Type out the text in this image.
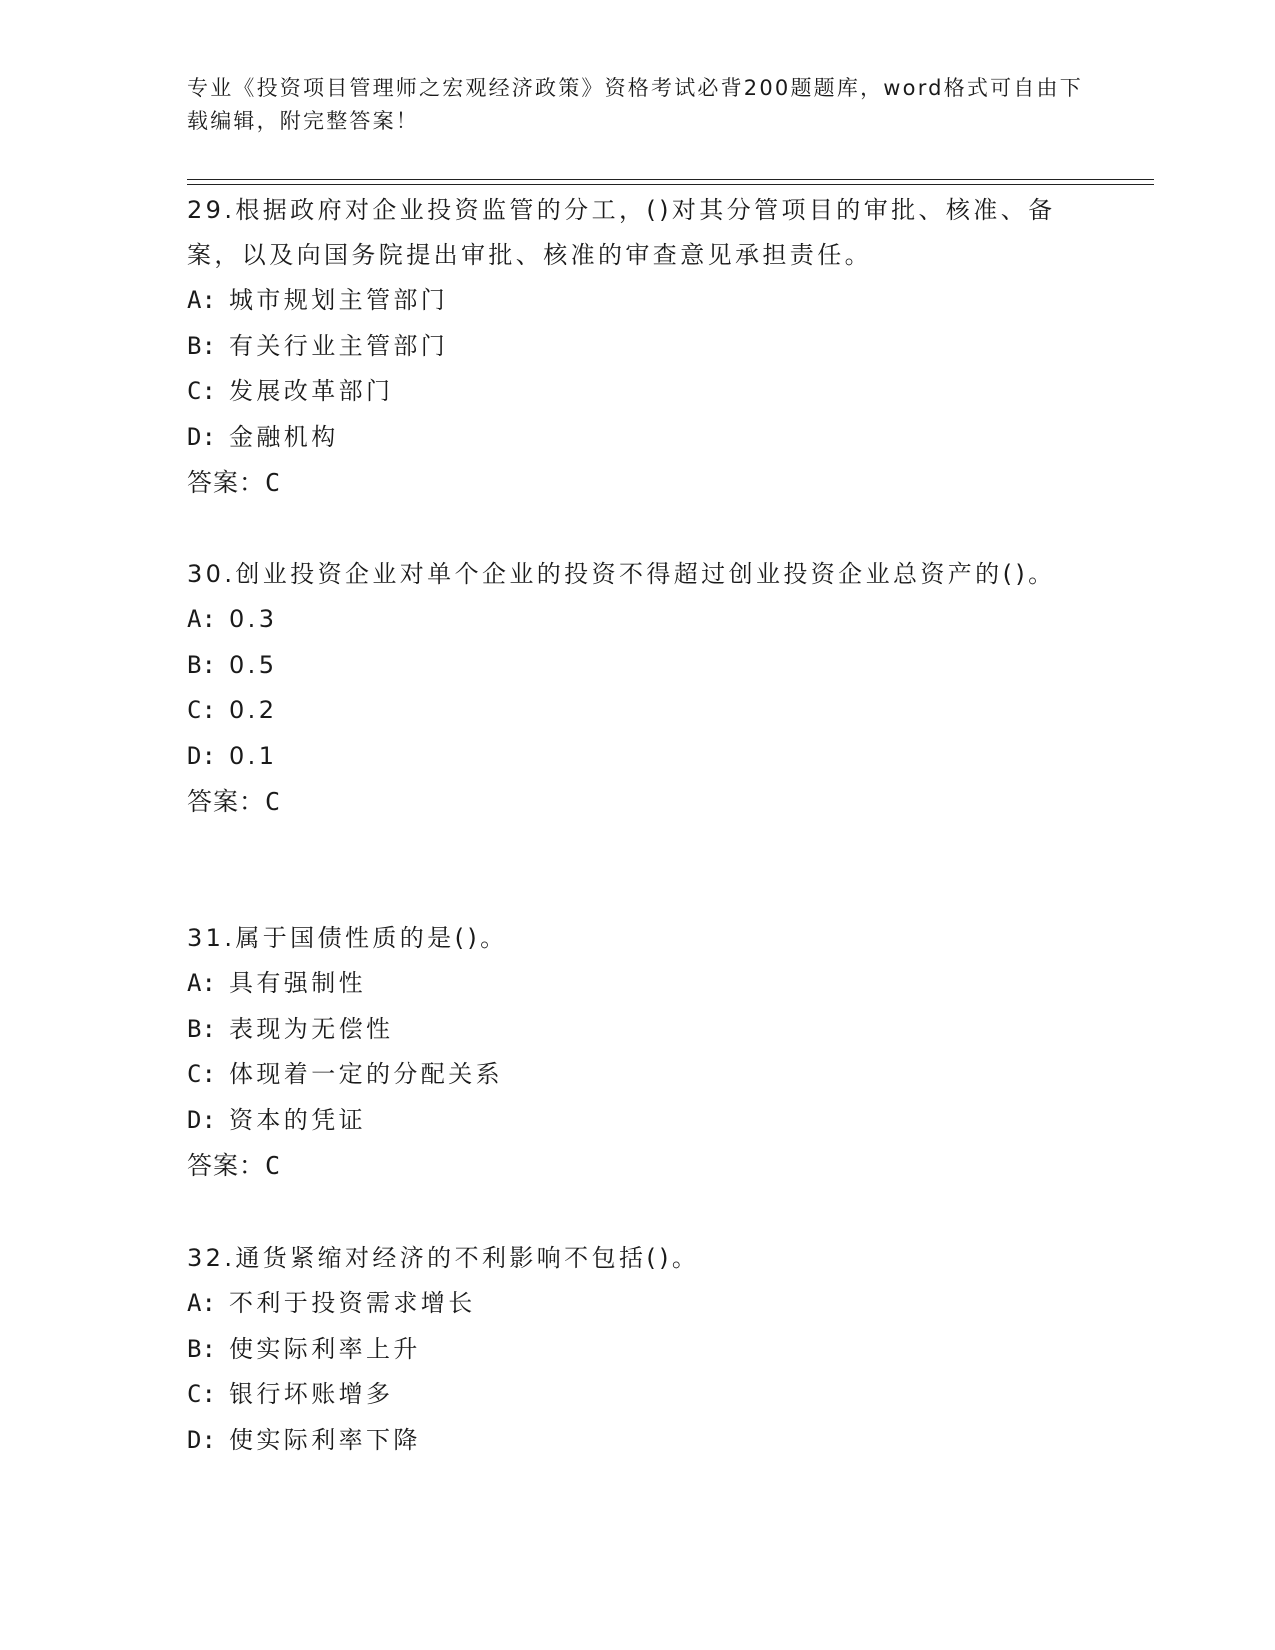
专业《投资项目管理师之宏观经济政策》资格考试必背200题题库，word格式可自由下载编辑，附完整答案！

29.根据政府对企业投资监管的分工，()对其分管项目的审批、核准、备案，以及向国务院提出审批、核准的审查意见承担责任。

A: 城市规划主管部门

B: 有关行业主管部门

C: 发展改革部门

D: 金融机构

答案：C

30.创业投资企业对单个企业的投资不得超过创业投资企业总资产的()。

A: 0.3

B: 0.5

C: 0.2

D: 0.1

答案：C

31.属于国债性质的是()。

A: 具有强制性

B: 表现为无偿性

C: 体现着一定的分配关系

D: 资本的凭证

答案：C

32.通货紧缩对经济的不利影响不包括()。

A: 不利于投资需求增长

B: 使实际利率上升

C: 银行坏账增多

D: 使实际利率下降
